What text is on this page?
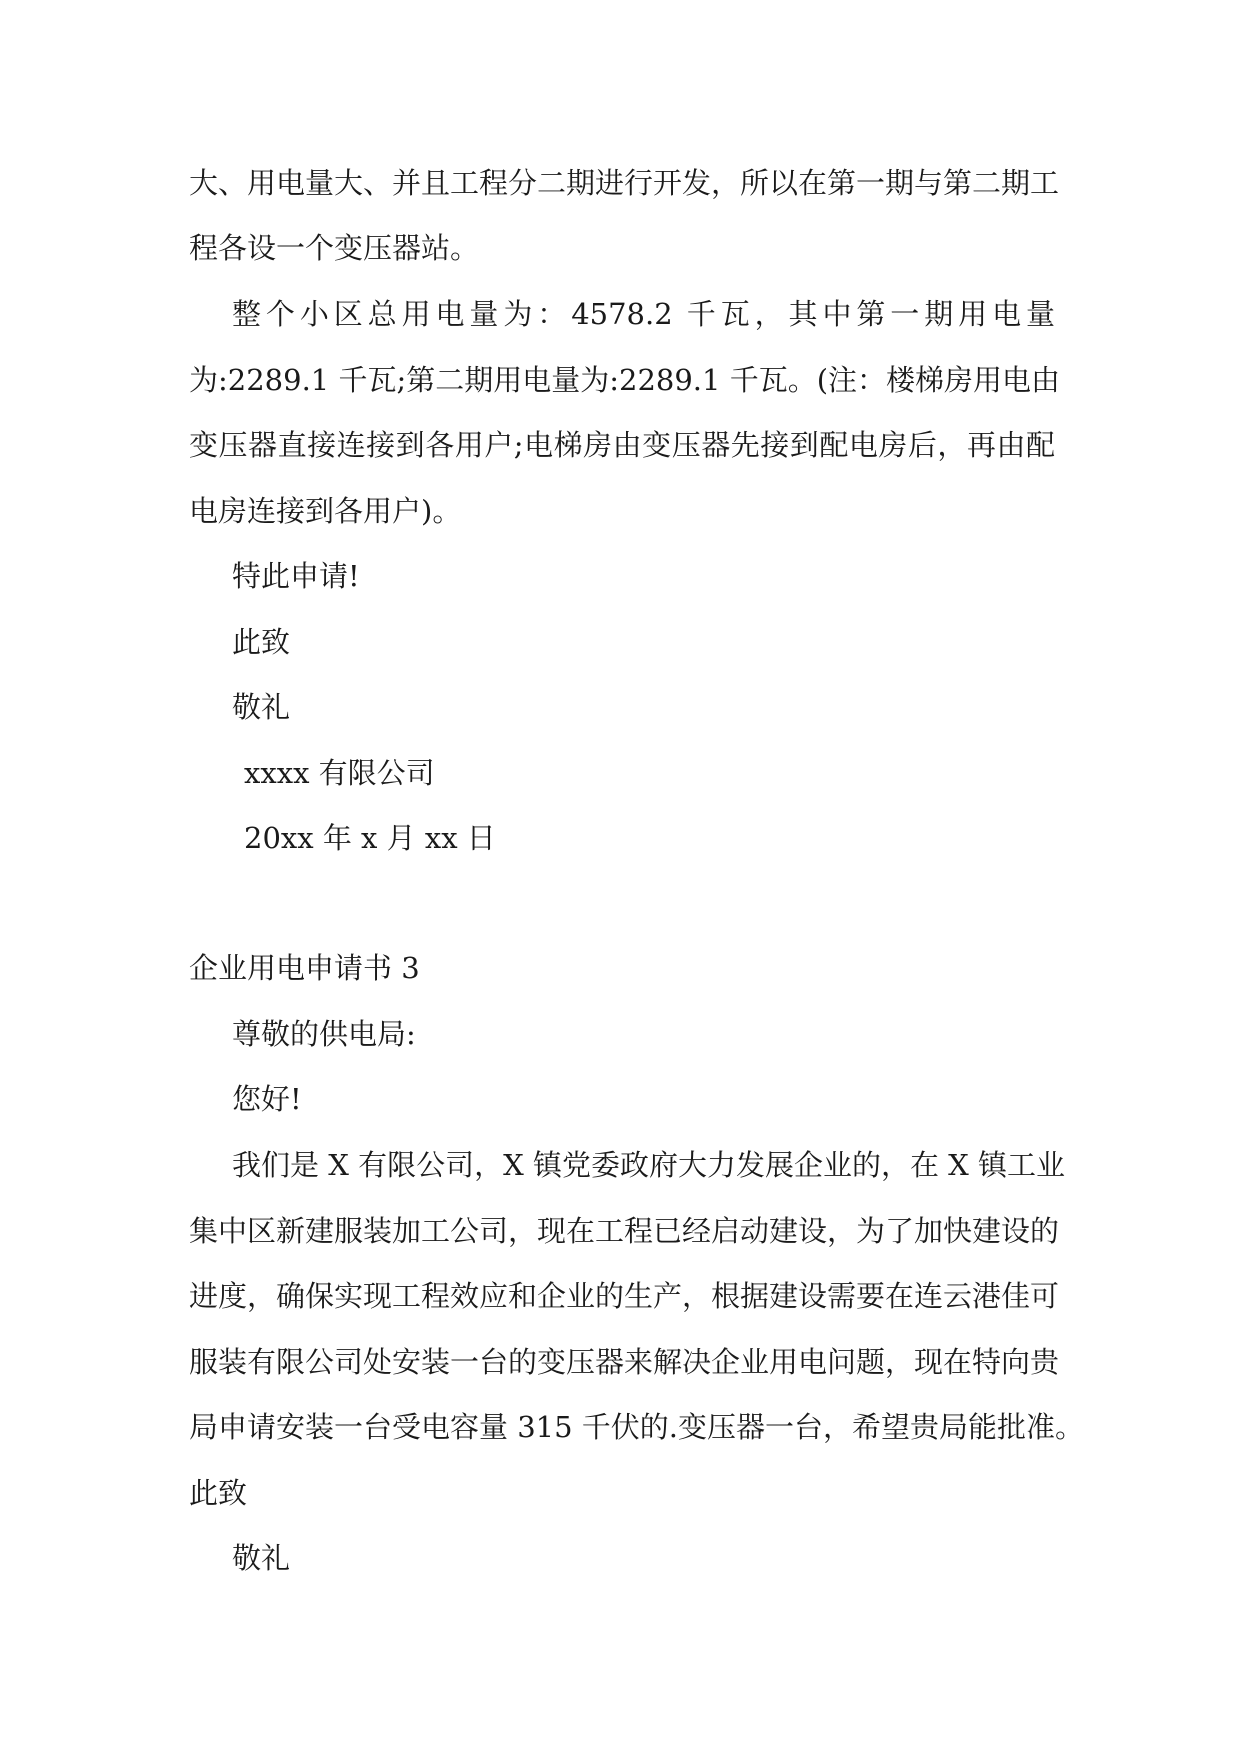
大、用电量大、并且工程分二期进行开发，所以在第一期与第二期工
程各设一个变压器站。
整个小区总用电量为：4578.2 千瓦，其中第一期用电量
为:2289.1 千瓦;第二期用电量为:2289.1 千瓦。(注：楼梯房用电由
变压器直接连接到各用户;电梯房由变压器先接到配电房后，再由配
电房连接到各用户)。
特此申请!
此致
敬礼
xxxx 有限公司
20xx 年 x 月 xx 日
企业用电申请书 3
尊敬的供电局:
您好!
我们是 X 有限公司，X 镇党委政府大力发展企业的，在 X 镇工业
集中区新建服装加工公司，现在工程已经启动建设，为了加快建设的
进度，确保实现工程效应和企业的生产，根据建设需要在连云港佳可
服装有限公司处安装一台的变压器来解决企业用电问题，现在特向贵
局申请安装一台受电容量 315 千伏的.变压器一台，希望贵局能批准。
此致
敬礼
